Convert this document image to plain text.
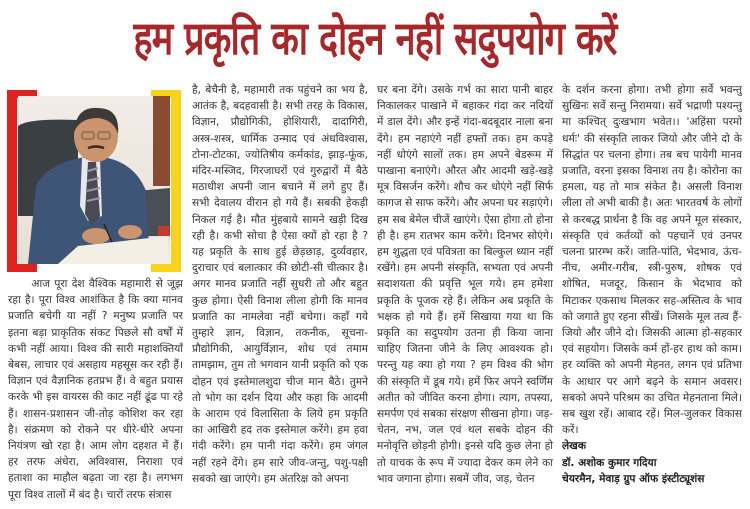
हम प्रकृति का दोहन नहीं सदुपयोग करें

आज पूरा देश वैश्विक महामारी से जूझ रहा है। पूरा विश्व आशंकित है कि क्या मानव प्रजाति बचेगी या नहीं ? मनुष्य प्रजाति पर इतना बड़ा प्राकृतिक संकट पिछले सौ वर्षों में कभी नहीं आया। विश्व की सारी महाशक्तियाँ बेबस, लाचार एवं असहाय महसूस कर रही हैं। विज्ञान एवं वैज्ञानिक हतप्रभ हैं। वे बहुत प्रयास करके भी इस वायरस की काट नहीं ढूंढ पा रहे हैं। शासन-प्रशासन जी-तोड़ कोशिश कर रहा है। संक्रमण को रोकने पर धीरे-धीरे अपना नियंत्रण खो रहा है। आम लोग दहशत में हैं। हर तरफ अंधेरा, अविश्वास, निराशा एवं हताशा का माहौल बढ़ता जा रहा है। लगभग पूरा विश्व तालों में बंद है। चारों तरफ संत्रास

है, बेचैनी है, महामारी तक पहुंचने का भय है, आतंक है, बदहवासी है। सभी तरह के विकास, विज्ञान, प्रौद्योगिकी, होशियारी, दादागिरी, अस्त्र-शस्त्र, धार्मिक उन्माद एवं अंधविश्वास, टोना-टोटका, ज्योतिषीय कर्मकांड, झाड़-फूंक, मंदिर-मस्जिद, गिरजाघरों एवं गुरुद्वारों में बैठे मठाधीश अपनी जान बचाने में लगे हुए हैं। सभी देवालय वीरान हो गये हैं। सबकी हेकड़ी निकल गई है। मौत मुंहबाये सामने खड़ी दिख रही है। कभी सोचा है ऐसा क्यों हो रहा है ? यह प्रकृति के साथ हुई छेड़छाड़, दुर्व्यवहार, दुराचार एवं बलात्कार की छोटी-सी चीत्कार है। अगर मानव प्रजाति नहीं सुधरी तो और बहुत कुछ होगा। ऐसी विनाश लीला होगी कि मानव प्रजाति का नामलेवा नहीं बचेगा। कहाँ गये तुम्हारे ज्ञान, विज्ञान, तकनीक, सूचना-प्रौद्योगिकी, आयुर्विज्ञान, शोध एवं तमाम तामझाम, तुम तो भगवान यानी प्रकृति को एक दोहन एवं इस्तेमालशुदा चीज मान बैठे। तुमने तो भोग का दर्शन दिया और कहा कि आदमी के आराम एवं विलासिता के लिये हम प्रकृति का आखिरी हद तक इस्तेमाल करेंगे। हम हवा गंदी करेंगे। हम पानी गंदा करेंगे। हम जंगल नहीं रहने देंगे। हम सारे जीव-जन्तु, पशु-पक्षी सबको खा जाएंगे। हम अंतरिक्ष को अपना

घर बना देंगे। उसके गर्भ का सारा पानी बाहर निकालकर पाखाने में बहाकर गंदा कर नदियों में डाल देंगे। और इन्हें गंदा-बदबूदार नाला बना देंगे। हम नहाएंगे नहीं हफ्तों तक। हम कपड़े नहीं धोएंगे सालों तक। हम अपने बेडरूम में पाखाना बनाएंगे। औरत और आदमी खड़े-खड़े मूत्र विसर्जन करेंगे। शौच कर धोएंगे नहीं सिर्फ कागज से साफ करेंगे। और अपना घर सड़ाएंगे। हम सब बेमेल चीजें खाएंगे। ऐसा होगा तो होना ही है। हम रातभर काम करेंगे। दिनभर सोएंगे। हम शुद्धता एवं पवित्रता का बिल्कुल ध्यान नहीं रखेंगे। हम अपनी संस्कृति, सभ्यता एवं अपनी सदाशयता की प्रवृत्ति भूल गये। हम हमेशा प्रकृति के पूजक रहे हैं। लेकिन अब प्रकृति के भक्षक हो गये हैं। हमें सिखाया गया था कि प्रकृति का सदुपयोग उतना ही किया जाना चाहिए जितना जीने के लिए आवश्यक हो। परन्तु यह क्या हो गया ? हम विश्व की भोग की संस्कृति में डूब गये। हमें फिर अपने स्वर्णिम अतीत को जीवित करना होगा। त्याग, तपस्या, समर्पण एवं सबका संरक्षण सीखना होगा। जड़-चेतन, नभ, जल एवं थल सबके दोहन की मनोवृत्ति छोड़नी होगी। इनसे यदि कुछ लेना हो तो याचक के रूप में ज्यादा देकर कम लेने का भाव जगाना होगा। सबमें जीव, जड़, चेतन

के दर्शन करना होगा। तभी होगा सर्वे भवन्तु सुखिनः सर्वे सन्तु निरामया। सर्वे भद्राणी पश्यन्तु मा कश्चित् दुःखभाग भवेत।। 'अहिंसा परमो धर्मः' की संस्कृति लाकर जियो और जीने दो के सिद्धांत पर चलना होगा। तब बच पायेगी मानव प्रजाति, वरना इसका विनाश तय है। कोरोना का हमला, यह तो मात्र संकेत है। असली विनाश लीला तो अभी बाकी है। अतः भारतवर्ष के लोगों से करबद्ध प्रार्थना है कि वह अपने मूल संस्कार, संस्कृति एवं कर्तव्यों को पहचानें एवं उनपर चलना प्रारम्भ करें। जाति-पांति, भेदभाव, ऊंच-नीच, अमीर-गरीब, स्त्री-पुरुष, शोषक एवं शोषित, मजदूर, किसान के भेदभाव को मिटाकर एकसाथ मिलकर सह-अस्तित्व के भाव को जगाते हुए रहना सीखें। जिसके मूल तत्व हैं-जियो और जीने दो। जिसकी आत्मा हो-सहकार एवं सहयोग। जिसके कर्म हों-हर हाथ को काम। हर व्यक्ति को अपनी मेहनत, लगन एवं प्रतिभा के आधार पर आगे बढ़ने के समान अवसर। सबको अपने परिश्रम का उचित मेहनताना मिले। सब खुश रहें। आबाद रहें। मिल-जुलकर विकास करें।

लेखक

डॉ. अशोक कुमार गदिया

चेयरमैन, मेवाड़ ग्रुप ऑफ इंस्टीट्यूशंस
